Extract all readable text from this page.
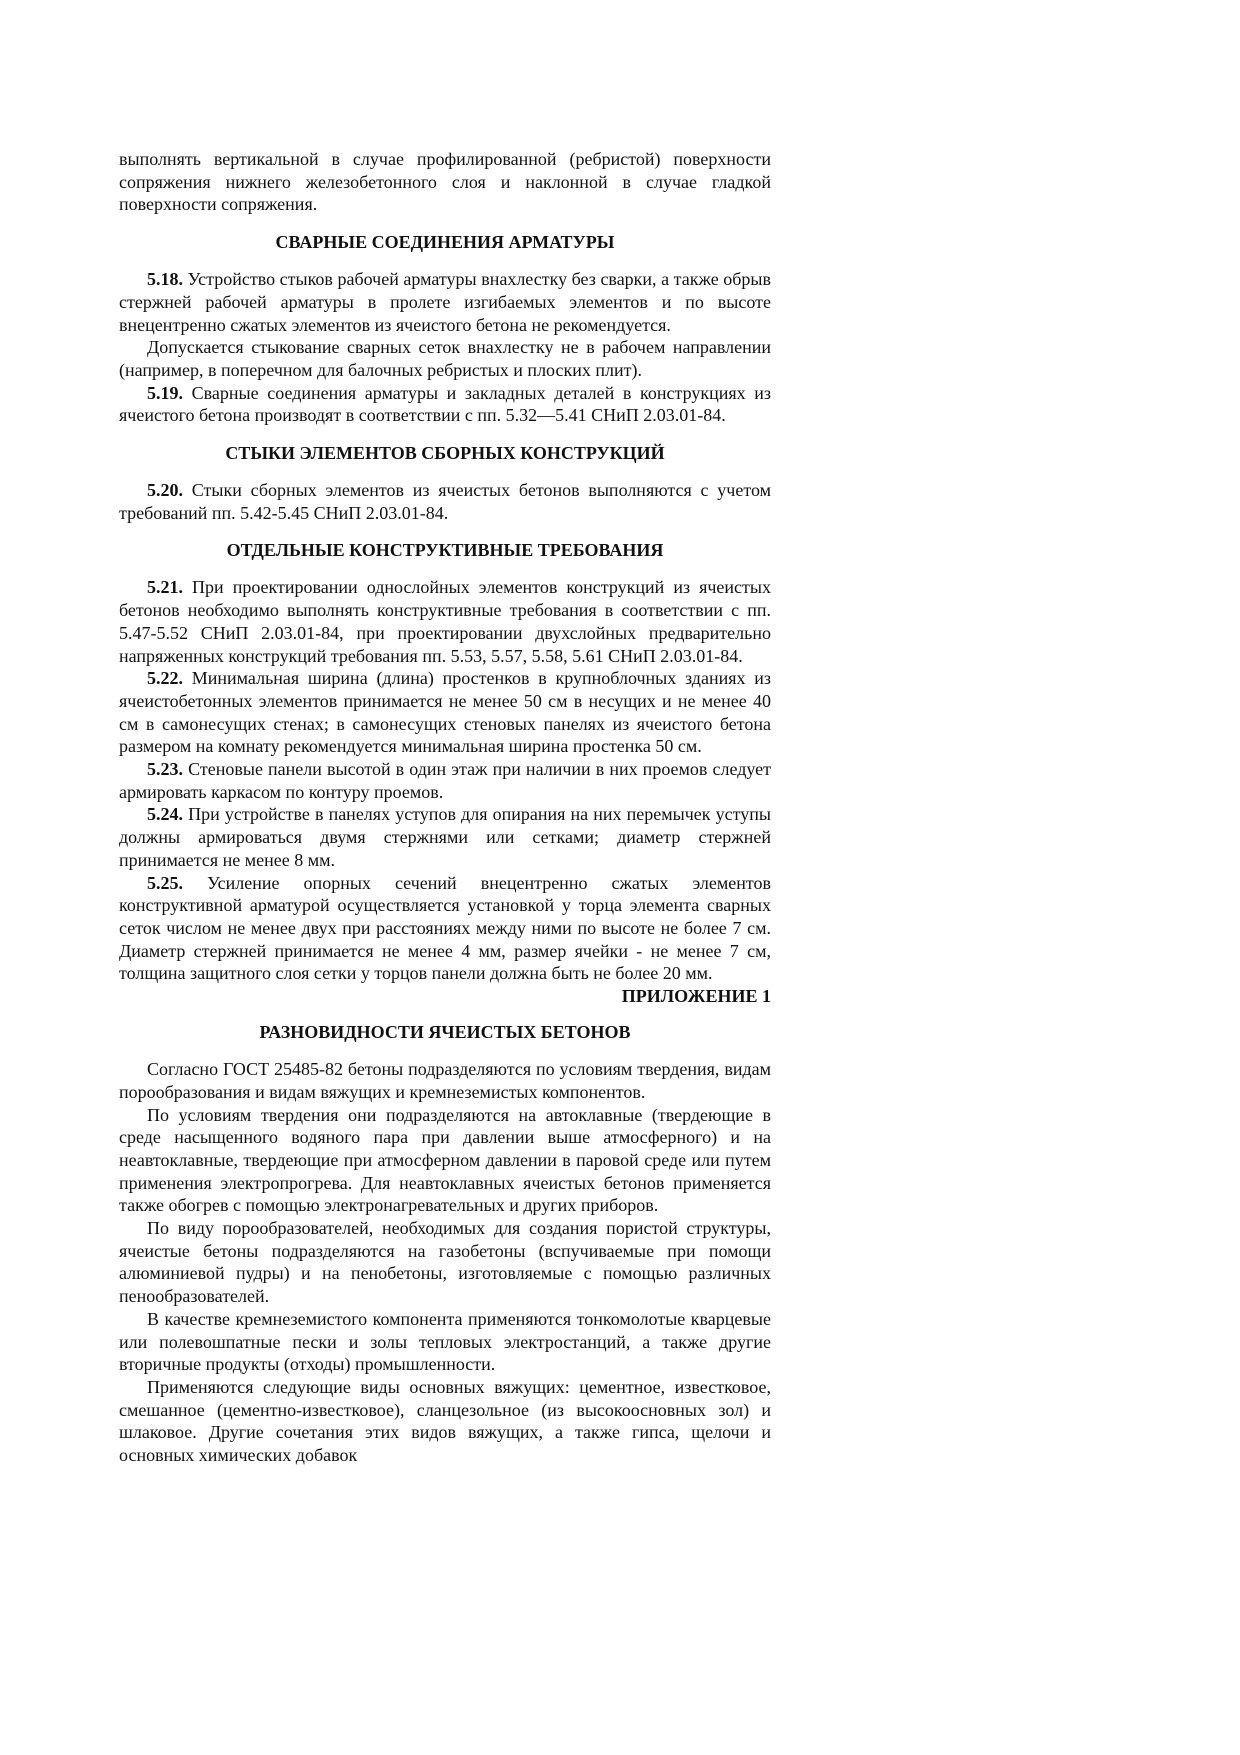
выполнять вертикальной в случае профилированной (ребристой) поверхности сопряжения нижнего железобетонного слоя и наклонной в случае гладкой поверхности сопряжения.

СВАРНЫЕ СОЕДИНЕНИЯ АРМАТУРЫ

5.18. Устройство стыков рабочей арматуры внахлестку без сварки, а также обрыв стержней рабочей арматуры в пролете изгибаемых элементов и по высоте внецентренно сжатых элементов из ячеистого бетона не рекомендуется.

Допускается стыкование сварных сеток внахлестку не в рабочем направлении (например, в поперечном для балочных ребристых и плоских плит).

5.19. Сварные соединения арматуры и закладных деталей в конструкциях из ячеистого бетона производят в соответствии с пп. 5.32—5.41 СНиП 2.03.01-84.

СТЫКИ ЭЛЕМЕНТОВ СБОРНЫХ КОНСТРУКЦИЙ

5.20. Стыки сборных элементов из ячеистых бетонов выполняются с учетом требований пп. 5.42-5.45 СНиП 2.03.01-84.

ОТДЕЛЬНЫЕ КОНСТРУКТИВНЫЕ ТРЕБОВАНИЯ

5.21. При проектировании однослойных элементов конструкций из ячеистых бетонов необходимо выполнять конструктивные требования в соответствии с пп. 5.47-5.52 СНиП 2.03.01-84, при проектировании двухслойных предварительно напряженных конструкций требования пп. 5.53, 5.57, 5.58, 5.61 СНиП 2.03.01-84.

5.22. Минимальная ширина (длина) простенков в крупноблочных зданиях из ячеистобетонных элементов принимается не менее 50 см в несущих и не менее 40 см в самонесущих стенах; в самонесущих стеновых панелях из ячеистого бетона размером на комнату рекомендуется минимальная ширина простенка 50 см.

5.23. Стеновые панели высотой в один этаж при наличии в них проемов следует армировать каркасом по контуру проемов.

5.24. При устройстве в панелях уступов для опирания на них перемычек уступы должны армироваться двумя стержнями или сетками; диаметр стержней принимается не менее 8 мм.

5.25. Усиление опорных сечений внецентренно сжатых элементов конструктивной арматурой осуществляется установкой у торца элемента сварных сеток числом не менее двух при расстояниях между ними по высоте не более 7 см. Диаметр стержней принимается не менее 4 мм, размер ячейки - не менее 7 см, толщина защитного слоя сетки у торцов панели должна быть не более 20 мм.

ПРИЛОЖЕНИЕ 1

РАЗНОВИДНОСТИ ЯЧЕИСТЫХ БЕТОНОВ

Согласно ГОСТ 25485-82 бетоны подразделяются по условиям твердения, видам порообразования и видам вяжущих и кремнеземистых компонентов.

По условиям твердения они подразделяются на автоклавные (твердеющие в среде насыщенного водяного пара при давлении выше атмосферного) и на неавтоклавные, твердеющие при атмосферном давлении в паровой среде или путем применения электропрогрева. Для неавтоклавных ячеистых бетонов применяется также обогрев с помощью электронагревательных и других приборов.

По виду порообразователей, необходимых для создания пористой структуры, ячеистые бетоны подразделяются на газобетоны (вспучиваемые при помощи алюминиевой пудры) и на пенобетоны, изготовляемые с помощью различных пенообразователей.

В качестве кремнеземистого компонента применяются тонкомолотые кварцевые или полевошпатные пески и золы тепловых электростанций, а также другие вторичные продукты (отходы) промышленности.

Применяются следующие виды основных вяжущих: цементное, известковое, смешанное (цементно-известковое), сланцезольное (из высокоосновных зол) и шлаковое. Другие сочетания этих видов вяжущих, а также гипса, щелочи и основных химических добавок
